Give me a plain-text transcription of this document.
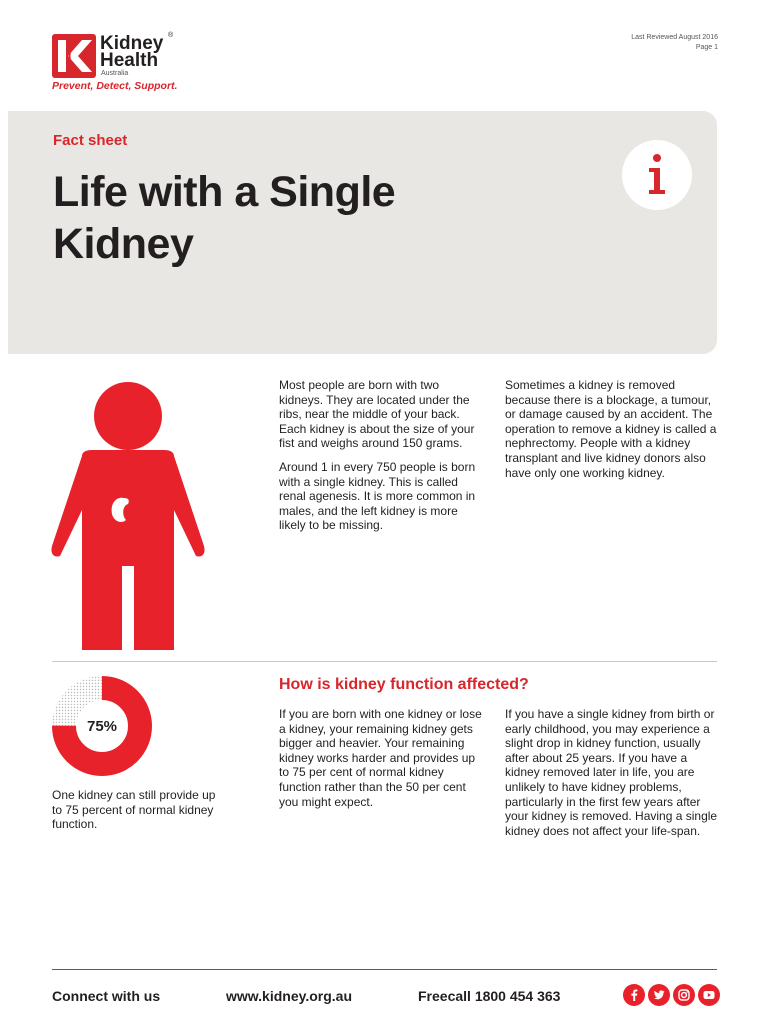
Kidney ®
Health
Australia
Prevent, Detect, Support.
Last Reviewed August 2016
Page 1
Fact sheet
Life with a Single Kidney

Most people are born with two kidneys. They are located under the ribs, near the middle of your back. Each kidney is about the size of your fist and weighs around 150 grams.

Around 1 in every 750 people is born with a single kidney. This is called renal agenesis. It is more common in males, and the left kidney is more likely to be missing.

Sometimes a kidney is removed because there is a blockage, a tumour, or damage caused by an accident. The operation to remove a kidney is called a nephrectomy. People with a kidney transplant and live kidney donors also have only one working kidney.

75%
One kidney can still provide up to 75 percent of normal kidney function.
How is kidney function affected?
If you are born with one kidney or lose a kidney, your remaining kidney gets bigger and heavier. Your remaining kidney works harder and provides up to 75 per cent of normal kidney function rather than the 50 per cent you might expect.
If you have a single kidney from birth or early childhood, you may experience a slight drop in kidney function, usually after about 25 years. If you have a kidney removed later in life, you are unlikely to have kidney problems, particularly in the first few years after your kidney is removed. Having a single kidney does not affect your life-span.
Connect with us	www.kidney.org.au	Freecall 1800 454 363
